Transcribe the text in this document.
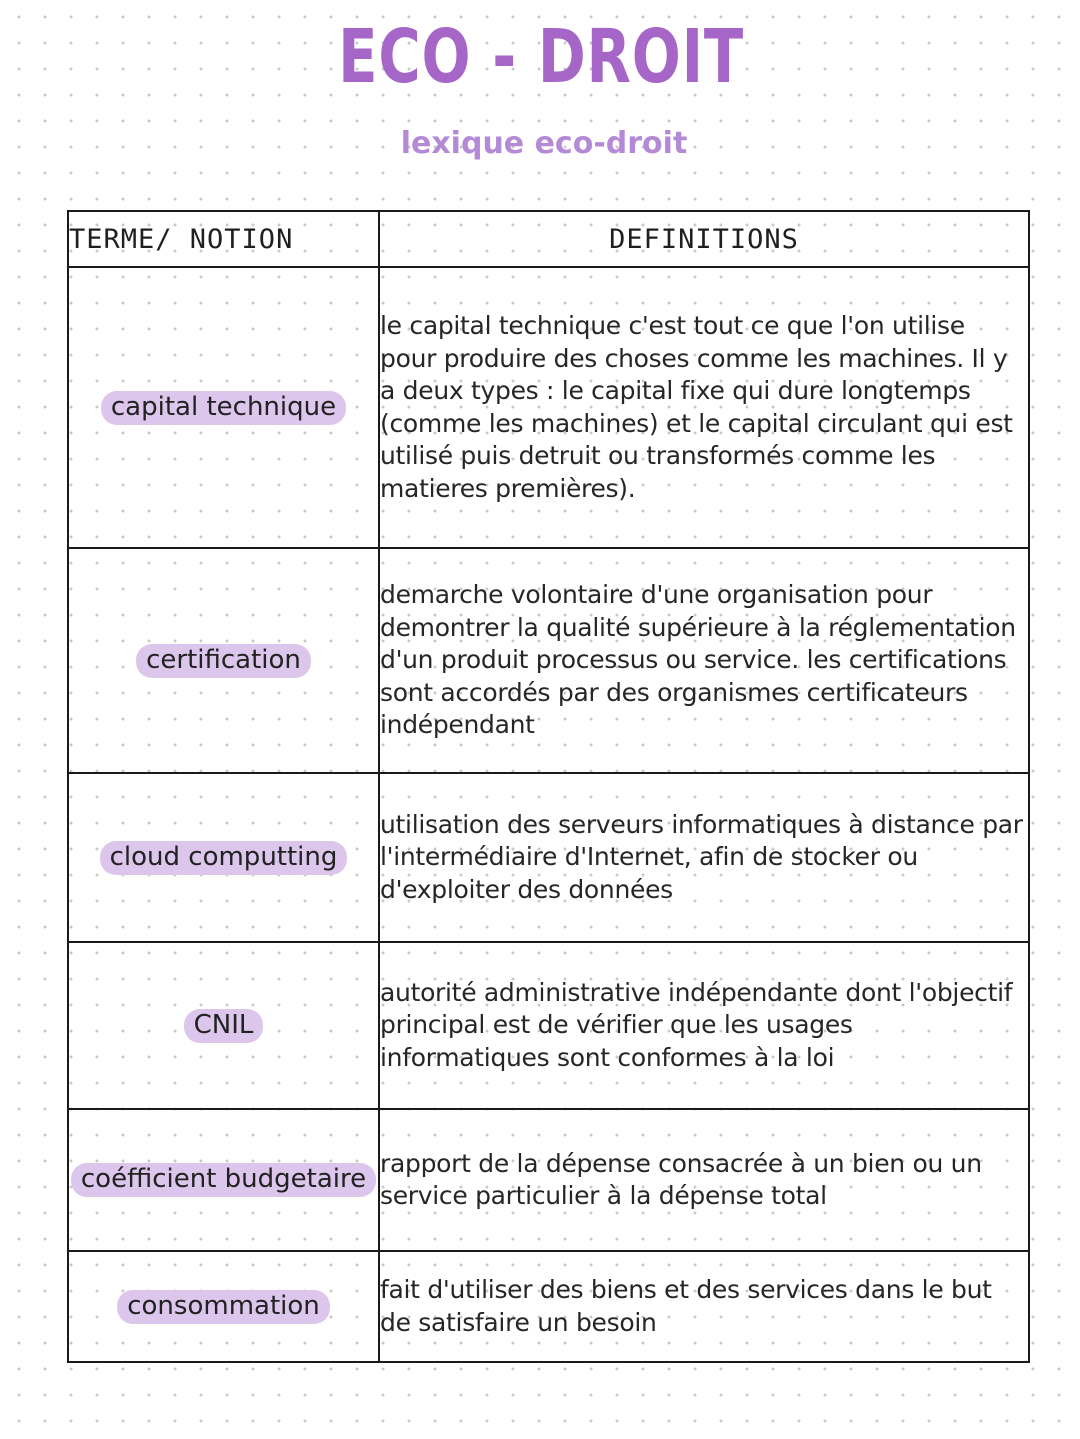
ECO - DROIT
lexique eco-droit
TERME/ NOTION	DEFINITIONS
capital technique	le capital technique c'est tout ce que l'on utilise pour produire des choses comme les machines. Il y a deux types : le capital fixe qui dure longtemps (comme les machines) et le capital circulant qui est utilisé puis detruit ou transformés comme les matieres premières).
certification	demarche volontaire d'une organisation pour demontrer la qualité supérieure à la réglementation d'un produit processus ou service. les certifications sont accordés par des organismes certificateurs indépendant
cloud computting	utilisation des serveurs informatiques à distance par l'intermédiaire d'Internet, afin de stocker ou d'exploiter des données
CNIL	autorité administrative indépendante dont l'objectif principal est de vérifier que les usages informatiques sont conformes à la loi
coéfficient budgetaire	rapport de la dépense consacrée à un bien ou un service particulier à la dépense total
consommation	fait d'utiliser des biens et des services dans le but de satisfaire un besoin
